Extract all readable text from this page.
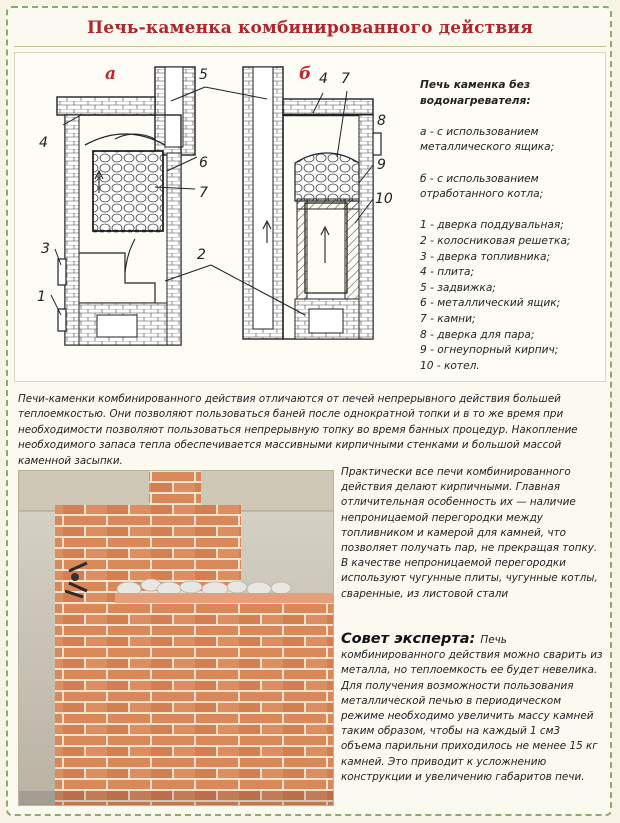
Печь-каменка комбинированного действия
а	б
5
4
6
7
3
1
2
4 7
8
9
10

Печь каменка без

водонагревателя:

а - с использованием

металлического ящика;

б - с использованием

отработанного котла;

1 - дверка поддувальная;

2 - колосниковая решетка;

3 - дверка топливника;

4 - плита;

5 - задвижка;

6 - металлический ящик;

7 - камни;

8 - дверка для пара;

9 - огнеупорный кирпич;

10 - котел.

Печи-каменки комбинированного действия отличаются от печей непрерывного действия большей теплоемкостью. Они позволяют пользоваться баней после однократной топки и в то же время при необходимости позволяют пользоваться непрерывную топку во время банных процедур. Накопление необходимого запаса тепла обеспечивается массивными кирпичными стенками и большой массой каменной засыпки.
Практически все печи комбинированного действия делают кирпичными. Главная отличительная особенность их — наличие непроницаемой перегородки между топливником и камерой для камней, что позволяет получать пар, не прекращая топку. В качестве непроницаемой перегородки используют чугунные плиты, чугунные котлы, сваренные, из листовой стали
Совет эксперта: Печь комбинированного действия можно сварить из металла, но теплоемкость ее будет невелика. Для получения возможности пользования металлической печью в периодическом режиме необходимо увеличить массу камней таким образом, чтобы на каждый 1 см3 объема парильни приходилось не менее 15 кг камней. Это приводит к усложнению конструкции и увеличению габаритов печи.
